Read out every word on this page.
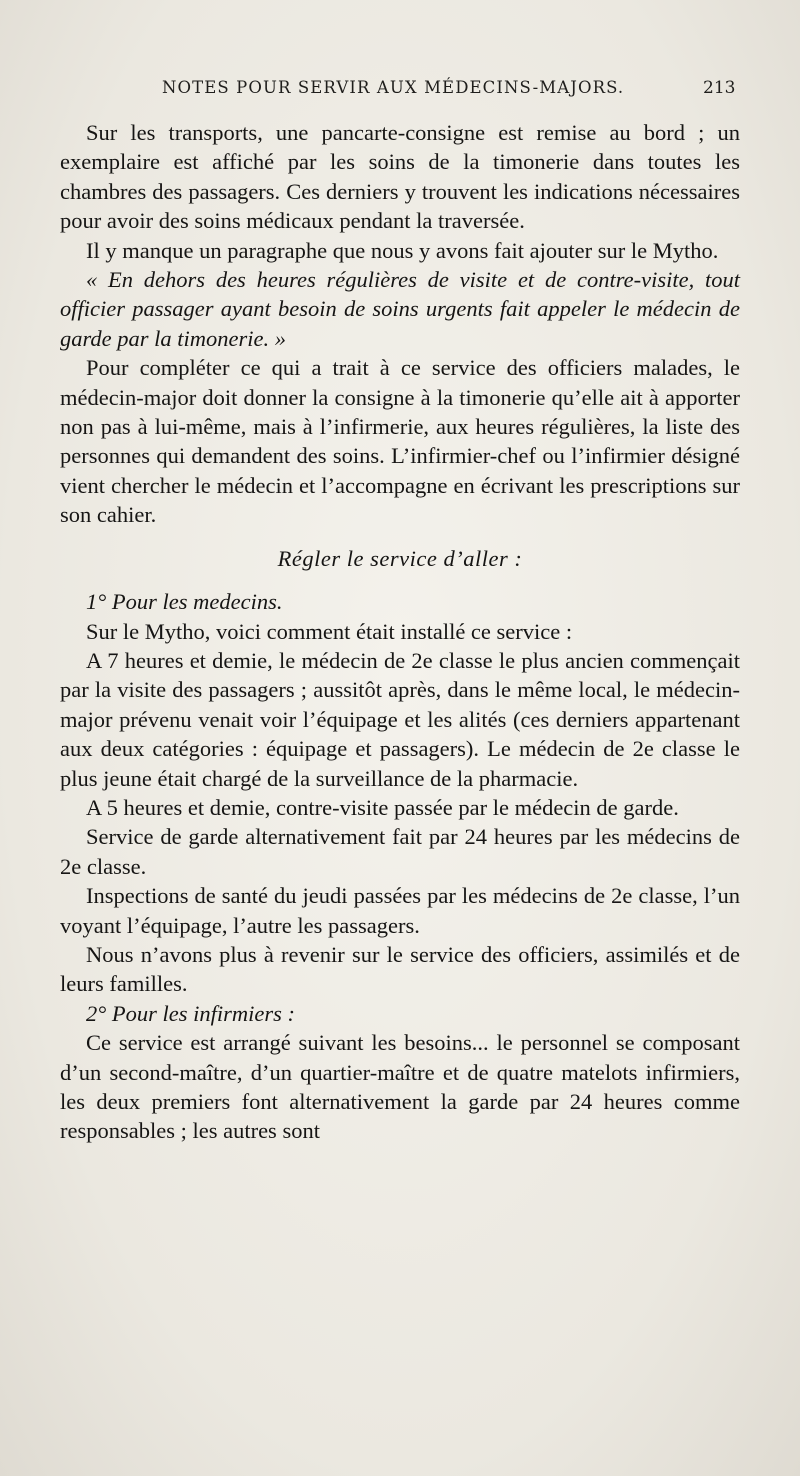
NOTES POUR SERVIR AUX MÉDECINS-MAJORS.	213

Sur les transports, une pancarte-consigne est remise au bord ; un exemplaire est affiché par les soins de la timonerie dans toutes les chambres des passagers. Ces derniers y trouvent les indications nécessaires pour avoir des soins médicaux pendant la traversée.

Il y manque un paragraphe que nous y avons fait ajouter sur le Mytho.

« En dehors des heures régulières de visite et de contre-visite, tout officier passager ayant besoin de soins urgents fait appeler le médecin de garde par la timonerie. »

Pour compléter ce qui a trait à ce service des officiers malades, le médecin-major doit donner la consigne à la timonerie qu’elle ait à apporter non pas à lui-même, mais à l’infirmerie, aux heures régulières, la liste des personnes qui demandent des soins. L’infirmier-chef ou l’infirmier désigné vient chercher le médecin et l’accompagne en écrivant les prescriptions sur son cahier.

Régler le service d’aller :

1° Pour les medecins.

Sur le Mytho, voici comment était installé ce service :

A 7 heures et demie, le médecin de 2e classe le plus ancien commençait par la visite des passagers ; aussitôt après, dans le même local, le médecin-major prévenu venait voir l’équipage et les alités (ces derniers appartenant aux deux catégories : équipage et passagers). Le médecin de 2e classe le plus jeune était chargé de la surveillance de la pharmacie.

A 5 heures et demie, contre-visite passée par le médecin de garde.

Service de garde alternativement fait par 24 heures par les médecins de 2e classe.

Inspections de santé du jeudi passées par les médecins de 2e classe, l’un voyant l’équipage, l’autre les passagers.

Nous n’avons plus à revenir sur le service des officiers, assimilés et de leurs familles.

2° Pour les infirmiers :

Ce service est arrangé suivant les besoins... le personnel se composant d’un second-maître, d’un quartier-maître et de quatre matelots infirmiers, les deux premiers font alternativement la garde par 24 heures comme responsables ; les autres sont
